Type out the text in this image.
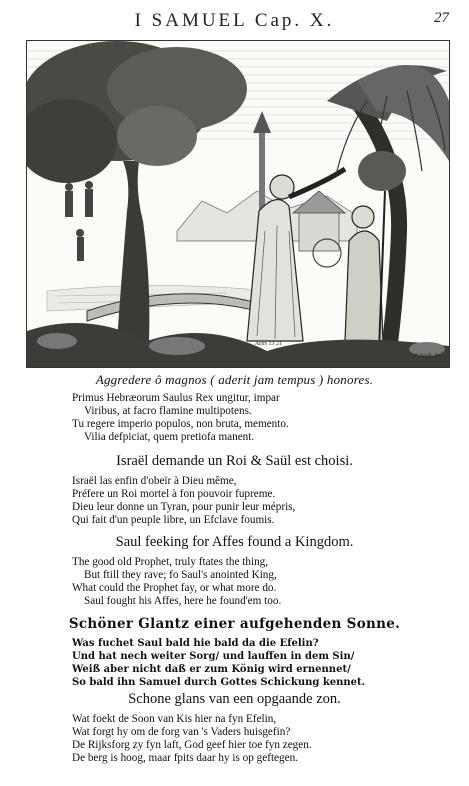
I SAMUEL Cap. X.	27
Actis 13 21
J. Luyk. fec.
Aggredere ô magnos ( aderit jam tempus ) honores.
Primus Hebræorum Saulus Rex ungitur, impar
Viribus, at facro flamine multipotens.
Tu regere imperio populos, non bruta, memento.
Vilia defpiciat, quem pretiofa manent.
Israël demande un Roi & Saül est choisi.
Israël las enfin d'obeïr à Dieu même,
Préfere un Roi mortel à fon pouvoir fupreme.
Dieu leur donne un Tyran, pour punir leur mépris,
Qui fait d'un peuple libre, un Efclave foumis.
Saul feeking for Affes found a Kingdom.
The good old Prophet, truly ftates the thing,
But ftill they rave; fo Saul's anointed King,
What could the Prophet fay, or what more do.
Saul fought his Affes, here he found'em too.
Schöner Glantz einer aufgehenden Sonne.
Was fuchet Saul bald hie bald da die Efelin?
Und hat nech weiter Sorg/ und lauffen in dem Sin/
Weiß aber nicht daß er zum König wird ernennet/
So bald ihn Samuel durch Gottes Schickung kennet.
Schone glans van een opgaande zon.
Wat foekt de Soon van Kis hier na fyn Efelin,
Wat forgt hy om de forg van 's Vaders huisgefin?
De Rijksforg zy fyn laft, God geef hier toe fyn zegen.
De berg is hoog, maar fpits daar hy is op geftegen.
